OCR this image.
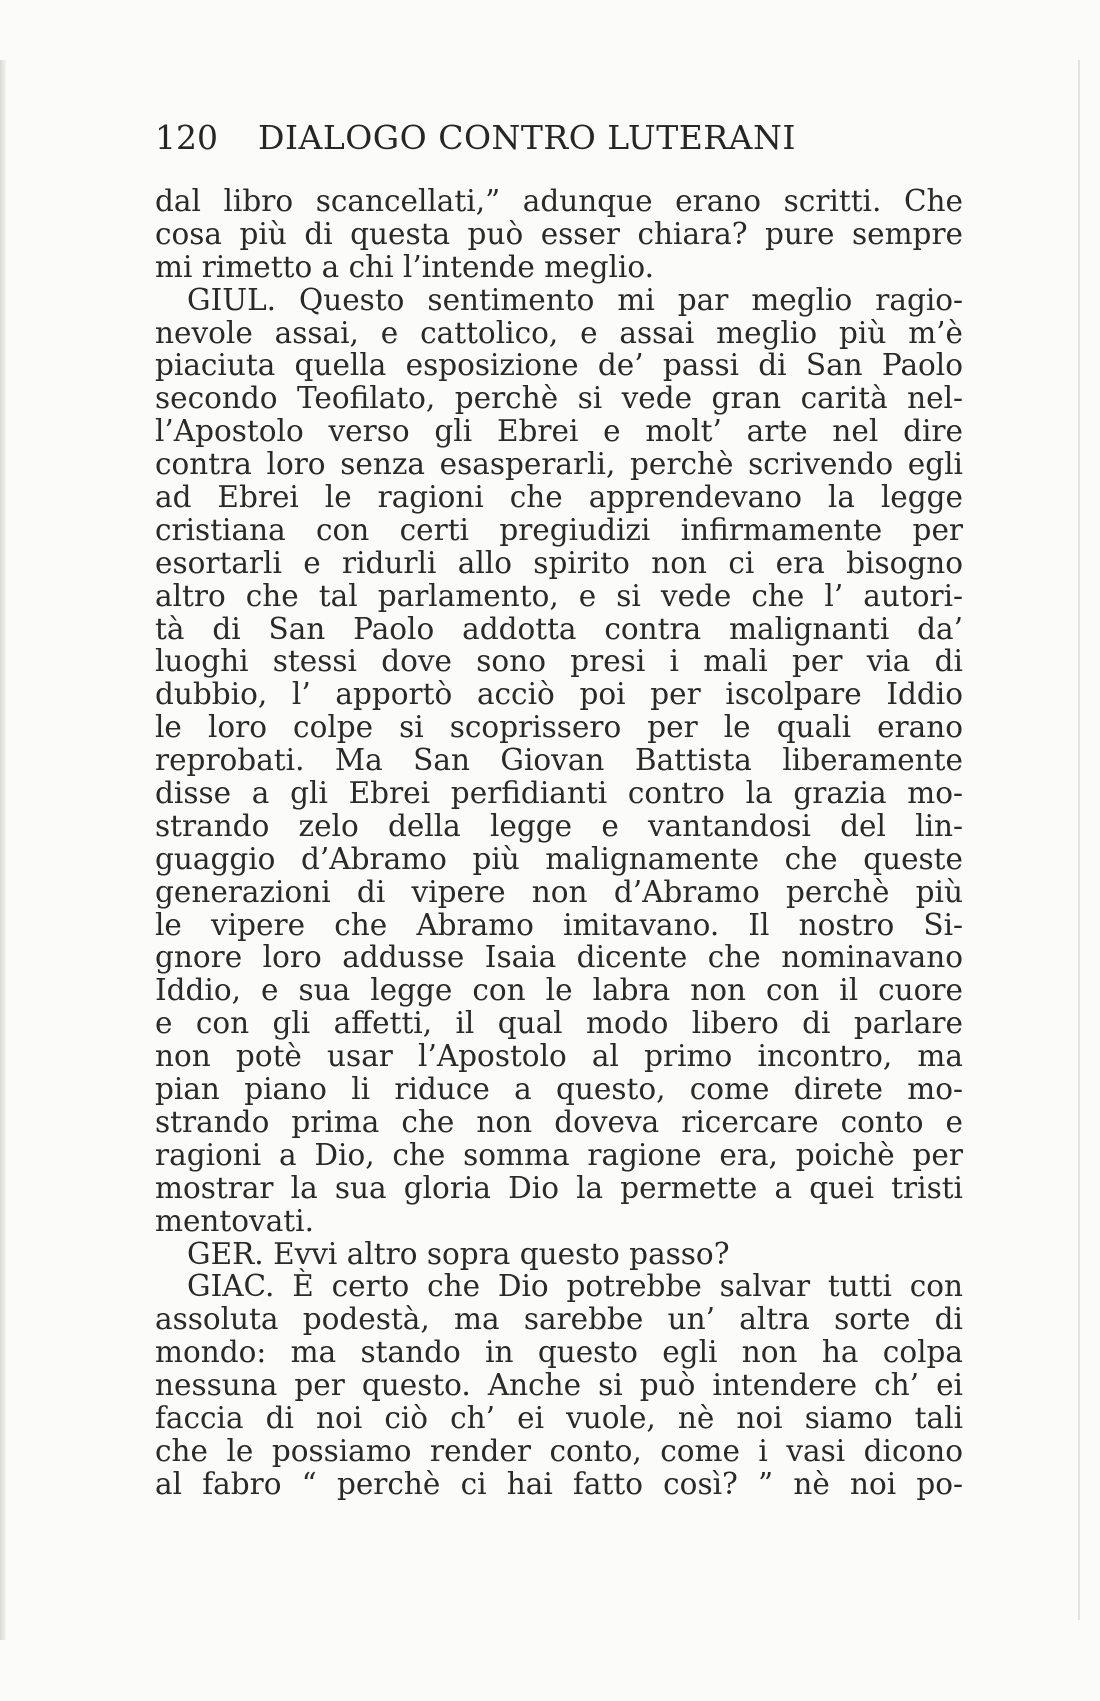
120 DIALOGO CONTRO LUTERANI
dal libro scancellati,” adunque erano scritti. Che
cosa più di questa può esser chiara? pure sempre
mi rimetto a chi l’intende meglio.
GIUL. Questo sentimento mi par meglio ragio-
nevole assai, e cattolico, e assai meglio più m’è
piaciuta quella esposizione de’ passi di San Paolo
secondo Teofilato, perchè si vede gran carità nel-
l’Apostolo verso gli Ebrei e molt’ arte nel dire
contra loro senza esasperarli, perchè scrivendo egli
ad Ebrei le ragioni che apprendevano la legge
cristiana con certi pregiudizi infirmamente per
esortarli e ridurli allo spirito non ci era bisogno
altro che tal parlamento, e si vede che l’ autori-
tà di San Paolo addotta contra malignanti da’
luoghi stessi dove sono presi i mali per via di
dubbio, l’ apportò acciò poi per iscolpare Iddio
le loro colpe si scoprissero per le quali erano
reprobati. Ma San Giovan Battista liberamente
disse a gli Ebrei perfidianti contro la grazia mo-
strando zelo della legge e vantandosi del lin-
guaggio d’Abramo più malignamente che queste
generazioni di vipere non d’Abramo perchè più
le vipere che Abramo imitavano. Il nostro Si-
gnore loro addusse Isaia dicente che nominavano
Iddio, e sua legge con le labra non con il cuore
e con gli affetti, il qual modo libero di parlare
non potè usar l’Apostolo al primo incontro, ma
pian piano li riduce a questo, come direte mo-
strando prima che non doveva ricercare conto e
ragioni a Dio, che somma ragione era, poichè per
mostrar la sua gloria Dio la permette a quei tristi
mentovati.
GER. Evvi altro sopra questo passo?
GIAC. È certo che Dio potrebbe salvar tutti con
assoluta podestà, ma sarebbe un’ altra sorte di
mondo: ma stando in questo egli non ha colpa
nessuna per questo. Anche si può intendere ch’ ei
faccia di noi ciò ch’ ei vuole, nè noi siamo tali
che le possiamo render conto, come i vasi dicono
al fabro “ perchè ci hai fatto così? ” nè noi po-
